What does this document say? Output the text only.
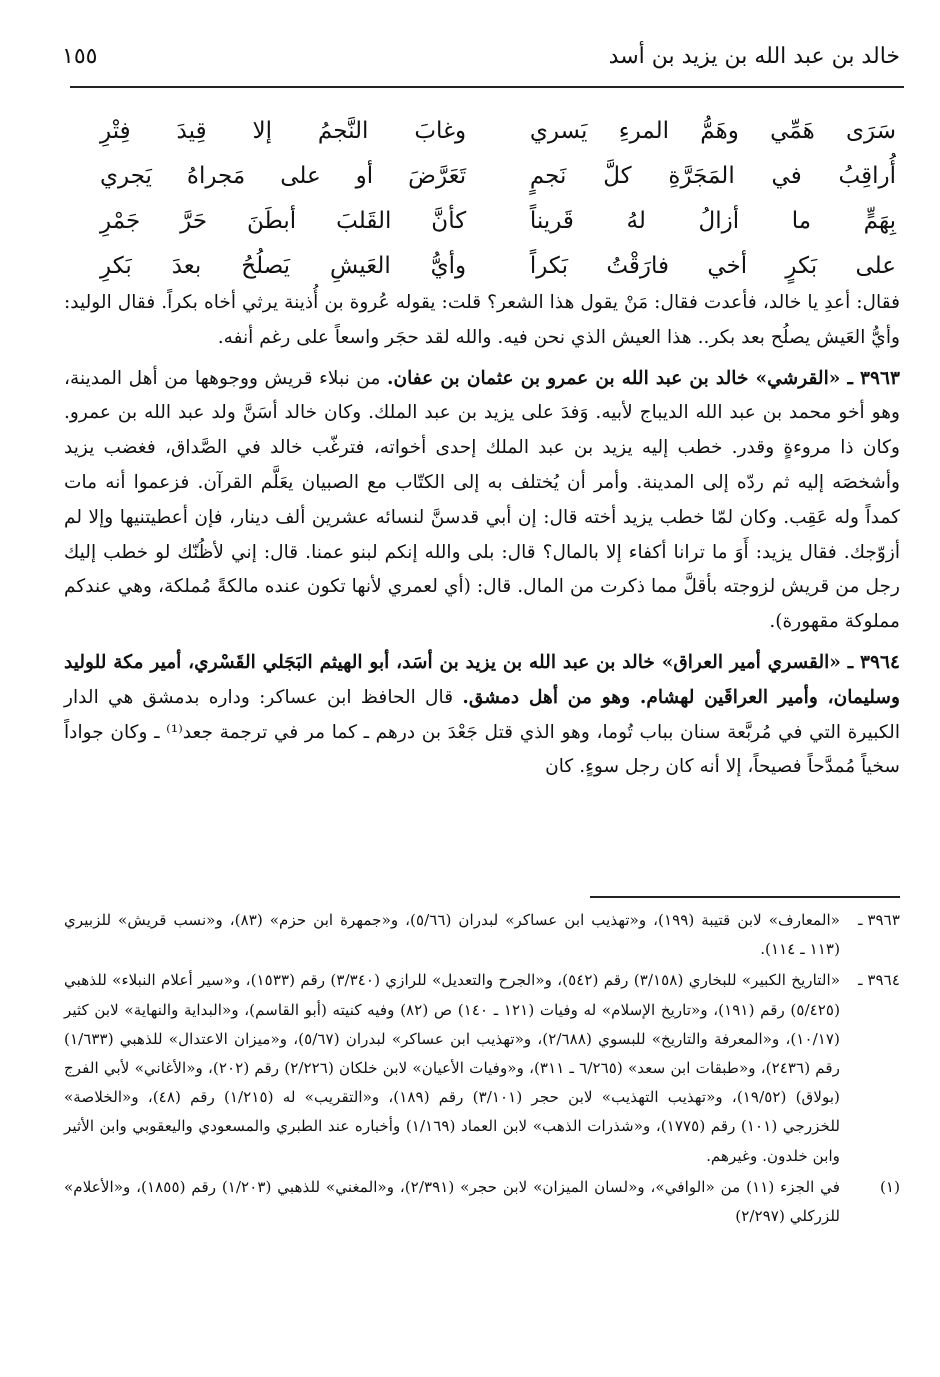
خالد بن عبد الله بن يزيد بن أسد
١٥٥
سَرَى هَمِّي وهَمُّ المرءِ يَسري
وغابَ النَّجمُ إلا قِيدَ فِتْرِ
أُراقِبُ في المَجَرَّةِ كلَّ نَجمٍ
تَعَرَّضَ أو على مَجراهُ يَجري
بِهَمٍّ ما أزالُ لهُ قَريناً
كأنَّ القَلبَ أبطَنَ حَرَّ جَمْرِ
على بَكرٍ أخي فارَقْتُ بَكراً
وأيُّ العَيشِ يَصلُحُ بعدَ بَكرِ

فقال: أعدِ يا خالد، فأعدت فقال: مَنْ يقول هذا الشعر؟ قلت: يقوله عُروة بن أُذينة يرثي أخاه بكراً. فقال الوليد: وأيُّ العَيش يصلُح بعد بكر.. هذا العيش الذي نحن فيه. والله لقد حجَر واسعاً على رغم أنفه.

٣٩٦٣ ـ «القرشي» خالد بن عبد الله بن عمرو بن عثمان بن عفان. من نبلاء قريش ووجوهها من أهل المدينة، وهو أخو محمد بن عبد الله الديباج لأبيه. وَفدَ على يزيد بن عبد الملك. وكان خالد أسَنَّ ولد عبد الله بن عمرو. وكان ذا مروءةٍ وقدر. خطب إليه يزيد بن عبد الملك إحدى أخواته، فترغّب خالد في الصَّداق، فغضب يزيد وأشخصَه إليه ثم ردّه إلى المدينة. وأمر أن يُختلف به إلى الكتّاب مع الصبيان يعَلَّم القرآن. فزعموا أنه مات كمداً وله عَقِب. وكان لمّا خطب يزيد أخته قال: إن أبي قدسنَّ لنسائه عشرين ألف دينار، فإن أعطيتنيها وإلا لم أزوّجك. فقال يزيد: أَوَ ما ترانا أكفاء إلا بالمال؟ قال: بلى والله إنكم لبنو عمنا. قال: إني لأظُنّك لو خطب إليك رجل من قريش لزوجته بأقلَّ مما ذكرت من المال. قال: (أي لعمري لأنها تكون عنده مالكةً مُملكة، وهي عندكم مملوكة مقهورة).

٣٩٦٤ ـ «القسري أمير العراق» خالد بن عبد الله بن يزيد بن أسَد، أبو الهيثم البَجَلي القَسْري، أمير مكة للوليد وسليمان، وأمير العراقَين لهشام. وهو من أهل دمشق. قال الحافظ ابن عساكر: وداره بدمشق هي الدار الكبيرة التي في مُربَّعة سنان بباب تُوما، وهو الذي قتل جَعْدَ بن درهم ـ كما مر في ترجمة جعد⁽¹⁾ ـ وكان جواداً سخياً مُمدَّحاً فصيحاً، إلا أنه كان رجل سوءٍ. كان

٣٩٦٣ ـ
«المعارف» لابن قتيبة (١٩٩)، و«تهذيب ابن عساكر» لبدران (٥/٦٦)، و«جمهرة ابن حزم» (٨٣)، و«نسب قريش» للزبيري (١١٣ ـ ١١٤).
٣٩٦٤ ـ
«التاريخ الكبير» للبخاري (٣/١٥٨) رقم (٥٤٢)، و«الجرح والتعديل» للرازي (٣/٣٤٠) رقم (١٥٣٣)، و«سير أعلام النبلاء» للذهبي (٥/٤٢٥) رقم (١٩١)، و«تاريخ الإسلام» له وفيات (١٢١ ـ ١٤٠) ص (٨٢) وفيه كنيته (أبو القاسم)، و«البداية والنهاية» لابن كثير (١٠/١٧)، و«المعرفة والتاريخ» للبسوي (٢/٦٨٨)، و«تهذيب ابن عساكر» لبدران (٥/٦٧)، و«ميزان الاعتدال» للذهبي (١/٦٣٣) رقم (٢٤٣٦)، و«طبقات ابن سعد» (٦/٢٦٥ ـ ٣١١)، و«وفيات الأعيان» لابن خلكان (٢/٢٢٦) رقم (٢٠٢)، و«الأغاني» لأبي الفرج (بولاق) (١٩/٥٢)، و«تهذيب التهذيب» لابن حجر (٣/١٠١) رقم (١٨٩)، و«التقريب» له (١/٢١٥) رقم (٤٨)، و«الخلاصة» للخزرجي (١٠١) رقم (١٧٧٥)، و«شذرات الذهب» لابن العماد (١/١٦٩) وأخباره عند الطبري والمسعودي واليعقوبي وابن الأثير وابن خلدون. وغيرهم.
(١)
في الجزء (١١) من «الوافي»، و«لسان الميزان» لابن حجر» (٢/٣٩١)، و«المغني» للذهبي (١/٢٠٣) رقم (١٨٥٥)، و«الأعلام» للزركلي (٢/٢٩٧)
